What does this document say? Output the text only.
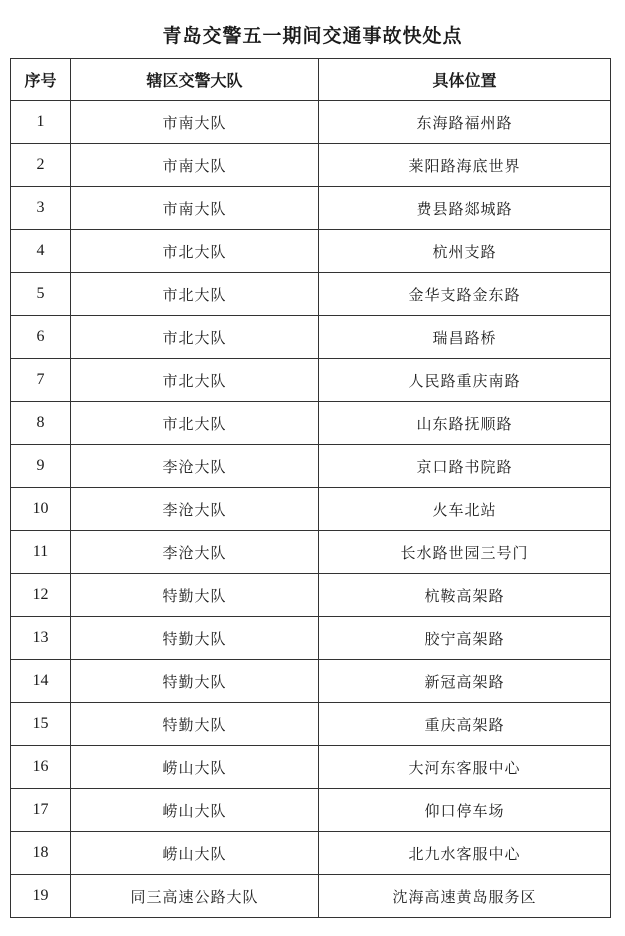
青岛交警五一期间交通事故快处点
序号	辖区交警大队	具体位置
1	市南大队	东海路福州路
2	市南大队	莱阳路海底世界
3	市南大队	费县路郯城路
4	市北大队	杭州支路
5	市北大队	金华支路金东路
6	市北大队	瑞昌路桥
7	市北大队	人民路重庆南路
8	市北大队	山东路抚顺路
9	李沧大队	京口路书院路
10	李沧大队	火车北站
11	李沧大队	长水路世园三号门
12	特勤大队	杭鞍高架路
13	特勤大队	胶宁高架路
14	特勤大队	新冠高架路
15	特勤大队	重庆高架路
16	崂山大队	大河东客服中心
17	崂山大队	仰口停车场
18	崂山大队	北九水客服中心
19	同三高速公路大队	沈海高速黄岛服务区
